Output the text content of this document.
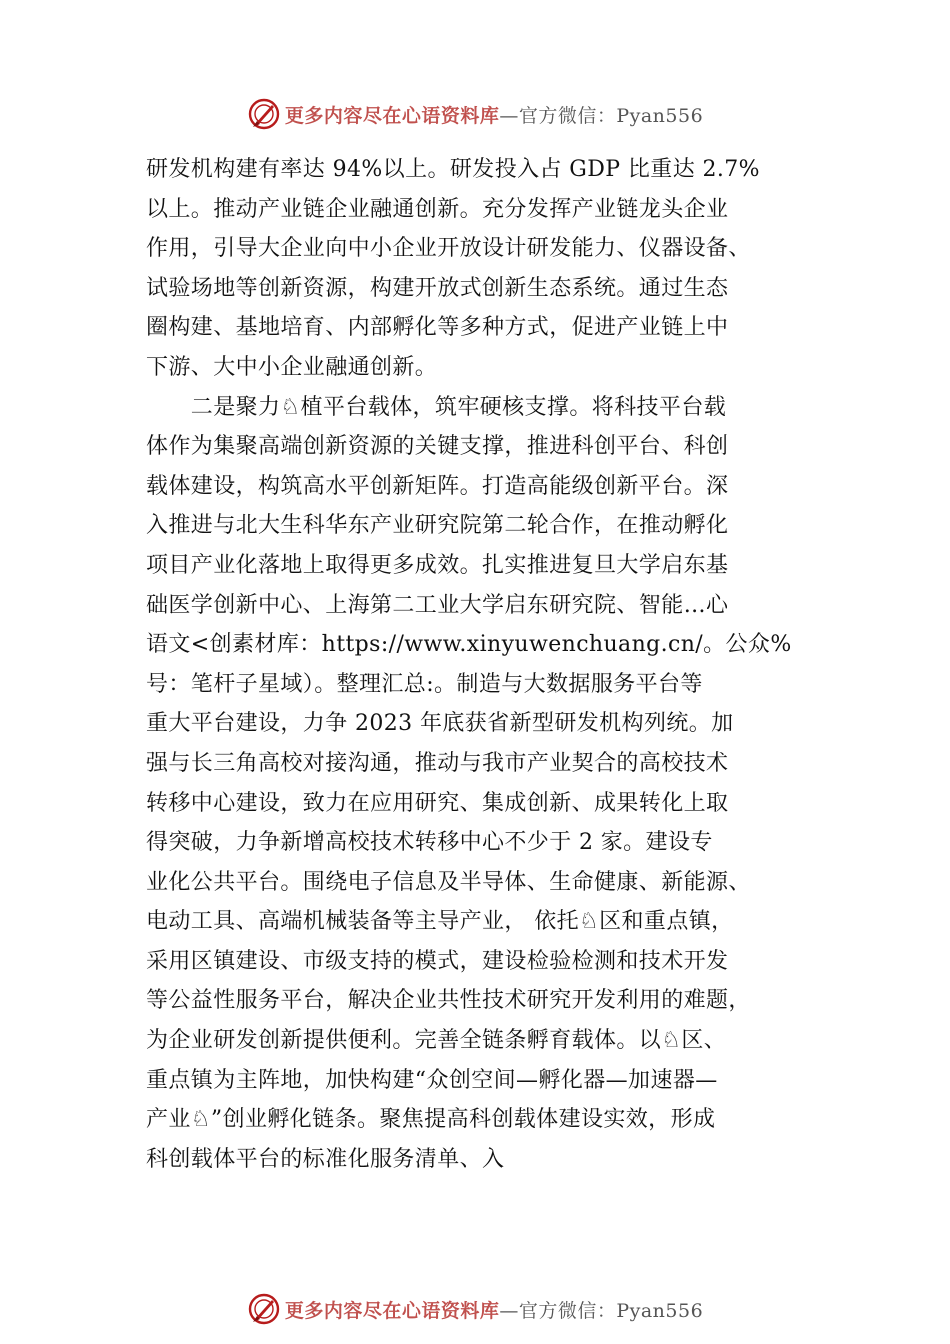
更多内容尽在心语资料库—官方微信：Pyan556
研发机构建有率达 94%以上。研发投入占 GDP 比重达 2.7%
以上。推动产业链企业融通创新。充分发挥产业链龙头企业
作用，引导大企业向中小企业开放设计研发能力、仪器设备、
试验场地等创新资源，构建开放式创新生态系统。通过生态
圈构建、基地培育、内部孵化等多种方式，促进产业链上中
下游、大中小企业融通创新。
　　二是聚力♘植平台载体，筑牢硬核支撑。将科技平台载
体作为集聚高端创新资源的关键支撑，推进科创平台、科创
载体建设，构筑高水平创新矩阵。打造高能级创新平台。深
入推进与北大生科华东产业研究院第二轮合作，在推动孵化
项目产业化落地上取得更多成效。扎实推进复旦大学启东基
础医学创新中心、上海第二工业大学启东研究院、智能…心
语文<创素材库：https://www.xinyuwenchuang.cn/。公众%
号：笔杆子星域）。整理汇总:。制造与大数据服务平台等
重大平台建设，力争 2023 年底获省新型研发机构列统。加
强与长三角高校对接沟通，推动与我市产业契合的高校技术
转移中心建设，致力在应用研究、集成创新、成果转化上取
得突破，力争新增高校技术转移中心不少于 2 家。建设专
业化公共平台。围绕电子信息及半导体、生命健康、新能源、
电动工具、高端机械装备等主导产业， 依托♘区和重点镇，
采用区镇建设、市级支持的模式，建设检验检测和技术开发
等公益性服务平台，解决企业共性技术研究开发利用的难题，
为企业研发创新提供便利。完善全链条孵育载体。以♘区、
重点镇为主阵地，加快构建“众创空间—孵化器—加速器—
产业♘”创业孵化链条。聚焦提高科创载体建设实效，形成
科创载体平台的标准化服务清单、入
更多内容尽在心语资料库—官方微信：Pyan556
